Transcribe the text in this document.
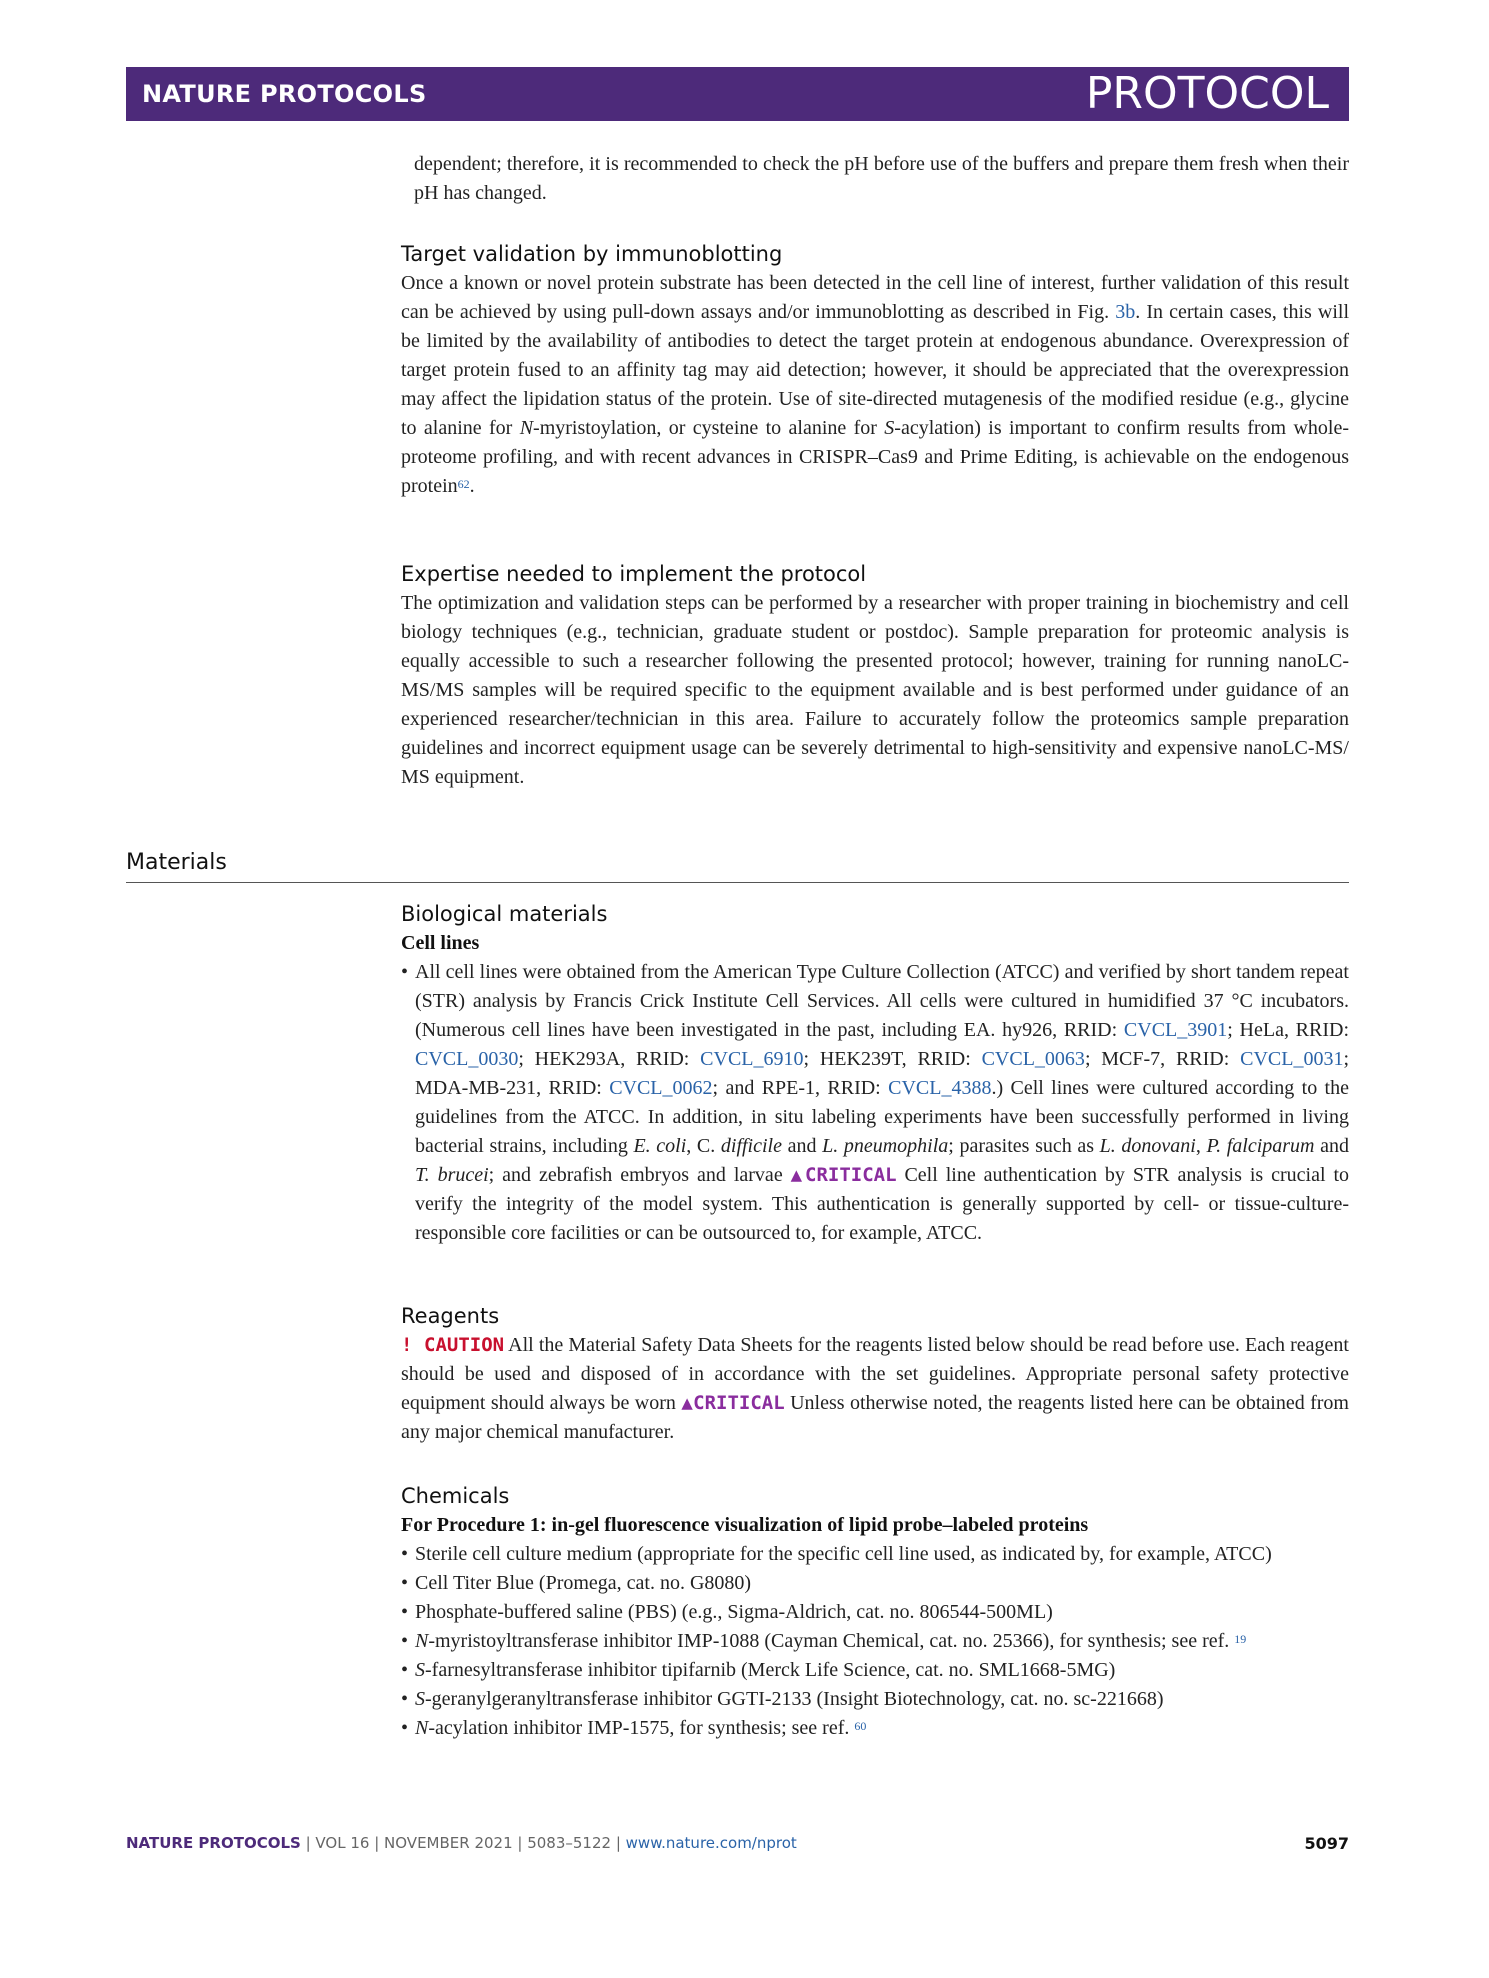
NATURE PROTOCOLS	PROTOCOL

dependent; therefore, it is recommended to check the pH before use of the buffers and prepare them fresh when their pH has changed.

Target validation by immunoblotting

Once a known or novel protein substrate has been detected in the cell line of interest, further validation of this result can be achieved by using pull-down assays and/or immunoblotting as described in Fig. 3b. In certain cases, this will be limited by the availability of antibodies to detect the target protein at endogenous abundance. Overexpression of target protein fused to an affinity tag may aid detection; however, it should be appreciated that the overexpression may affect the lipidation status of the protein. Use of site-directed mutagenesis of the modified residue (e.g., glycine to alanine for N-myristoylation, or cysteine to alanine for S-acylation) is important to confirm results from whole-proteome profiling, and with recent advances in CRISPR–Cas9 and Prime Editing, is achievable on the endogenous protein$^{62}$.

Expertise needed to implement the protocol

The optimization and validation steps can be performed by a researcher with proper training in biochemistry and cell biology techniques (e.g., technician, graduate student or postdoc). Sample preparation for proteomic analysis is equally accessible to such a researcher following the presented protocol; however, training for running nanoLC-MS/MS samples will be required specific to the equipment available and is best performed under guidance of an experienced researcher/technician in this area. Failure to accurately follow the proteomics sample preparation guidelines and incorrect equipment usage can be severely detrimental to high-sensitivity and expensive nanoLC-MS/ MS equipment.

Materials
Biological materials
Cell lines
• All cell lines were obtained from the American Type Culture Collection (ATCC) and verified by short tandem repeat (STR) analysis by Francis Crick Institute Cell Services. All cells were cultured in humidified 37 °C incubators. (Numerous cell lines have been investigated in the past, including EA. hy926, RRID: CVCL_3901; HeLa, RRID: CVCL_0030; HEK293A, RRID: CVCL_6910; HEK239T, RRID: CVCL_0063; MCF-7, RRID: CVCL_0031; MDA-MB-231, RRID: CVCL_0062; and RPE-1, RRID: CVCL_4388.) Cell lines were cultured according to the guidelines from the ATCC. In addition, in situ labeling experiments have been successfully performed in living bacterial strains, including E. coli, C. difficile and L. pneumophila; parasites such as L. donovani, P. falciparum and T. brucei; and zebrafish embryos and larvae ▲CRITICAL Cell line authentication by STR analysis is crucial to verify the integrity of the model system. This authentication is generally supported by cell- or tissue-culture-responsible core facilities or can be outsourced to, for example, ATCC.
Reagents

! CAUTION All the Material Safety Data Sheets for the reagents listed below should be read before use. Each reagent should be used and disposed of in accordance with the set guidelines. Appropriate personal safety protective equipment should always be worn ▲CRITICAL Unless otherwise noted, the reagents listed here can be obtained from any major chemical manufacturer.

Chemicals
For Procedure 1: in-gel fluorescence visualization of lipid probe–labeled proteins
• Sterile cell culture medium (appropriate for the specific cell line used, as indicated by, for example, ATCC)
• Cell Titer Blue (Promega, cat. no. G8080)
• Phosphate-buffered saline (PBS) (e.g., Sigma-Aldrich, cat. no. 806544-500ML)
• N-myristoyltransferase inhibitor IMP-1088 (Cayman Chemical, cat. no. 25366), for synthesis; see ref. $^{19}$
• S-farnesyltransferase inhibitor tipifarnib (Merck Life Science, cat. no. SML1668-5MG)
• S-geranylgeranyltransferase inhibitor GGTI-2133 (Insight Biotechnology, cat. no. sc-221668)
• N-acylation inhibitor IMP-1575, for synthesis; see ref. $^{60}$
NATURE PROTOCOLS | VOL 16 | NOVEMBER 2021 | 5083–5122 | www.nature.com/nprot	5097
